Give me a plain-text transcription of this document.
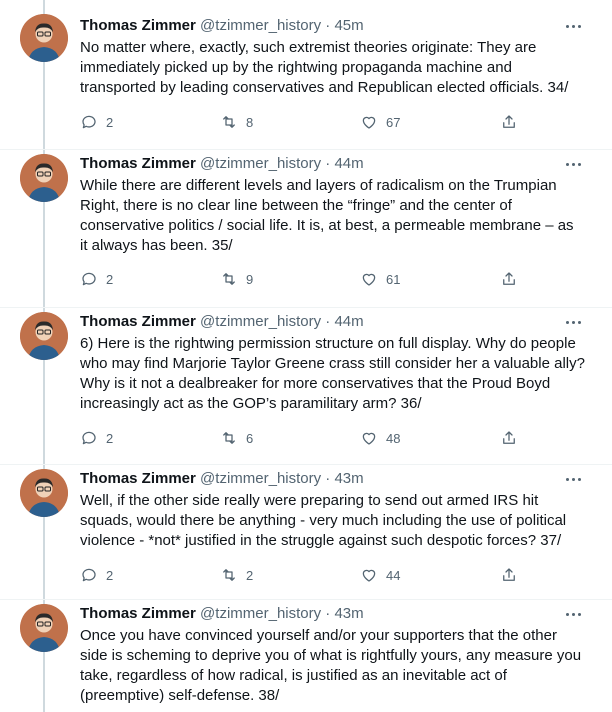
Thomas Zimmer @tzimmer_history · 45m
No matter where, exactly, such extremist theories originate: They are
immediately picked up by the rightwing propaganda machine and
transported by leading conservatives and Republican elected officials. 34/
2	8	67
Thomas Zimmer @tzimmer_history · 44m
While there are different levels and layers of radicalism on the Trumpian
Right, there is no clear line between the “fringe” and the center of
conservative politics / social life. It is, at best, a permeable membrane – as
it always has been. 35/
2	9	61
Thomas Zimmer @tzimmer_history · 44m
6) Here is the rightwing permission structure on full display. Why do people
who may find Marjorie Taylor Greene crass still consider her a valuable ally?
Why is it not a dealbreaker for more conservatives that the Proud Boyd
increasingly act as the GOP’s paramilitary arm? 36/
2	6	48
Thomas Zimmer @tzimmer_history · 43m
Well, if the other side really were preparing to send out armed IRS hit
squads, would there be anything - very much including the use of political
violence - *not* justified in the struggle against such despotic forces? 37/
2	2	44
Thomas Zimmer @tzimmer_history · 43m
Once you have convinced yourself and/or your supporters that the other
side is scheming to deprive you of what is rightfully yours, any measure you
take, regardless of how radical, is justified as an inevitable act of
(preemptive) self-defense. 38/
